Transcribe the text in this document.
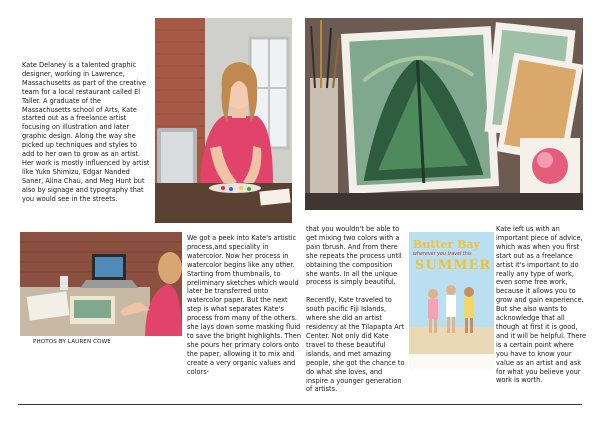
Kate Delaney is a talented graphic designer, working in Lawrence, Massachusetts as part of the creative team for a local restaurant called El Taller. A graduate of the Massachusetts school of Arts, Kate started out as a freelance artist focusing on illustration and later graphic design. Along the way she picked up techniques and styles to add to her own to grow as an artist. Her work is mostly influenced by artist like Yuko Shimizu, Edgar Nanded Saner, Alina Chau, and Meg Hunt but also by signage and typography that you would see in the streets.
PHOTOS BY LAUREN COWE
We got a peek into Kate's artistic process,and speciality in watercolor. Now her process in watercolor begins like any other. Starting from thumbnails, to preliminary sketches which would later be transferred onto watercolor paper. But the next step is what separates Kate's process from many of the others. she lays down some masking fluid to save the bright highlights. Then she pours her primary colors onto the paper, allowing it to mix and create a very organic values and colors-
that you wouldn't be able to get mixing two colors with a pain tbrush. And from there she repeats the process until obtaining the composition she wants. In all the unique process is simply beautiful.
Recently, Kate traveled to south pacific Fiji Islands, where she did an artist residency at the Tilapapta Art Center. Not only did Kate travel to these beautiful islands, and met amazing people, she got the chance to do what she loves, and inspire a younger generation of artists.
Butter Bay
wherever you travel this
SUMMER
Kate left us with an important piece of advice, which was when you first start out as a freelance artist it's important to do really any type of work, even some free work, because it allows you to grow and gain experience. But she also wants to acknowledge that all though at first it is good, and it will be helpful. There is a certain point where you have to know your value as an artist and ask for what you believe your work is worth.
